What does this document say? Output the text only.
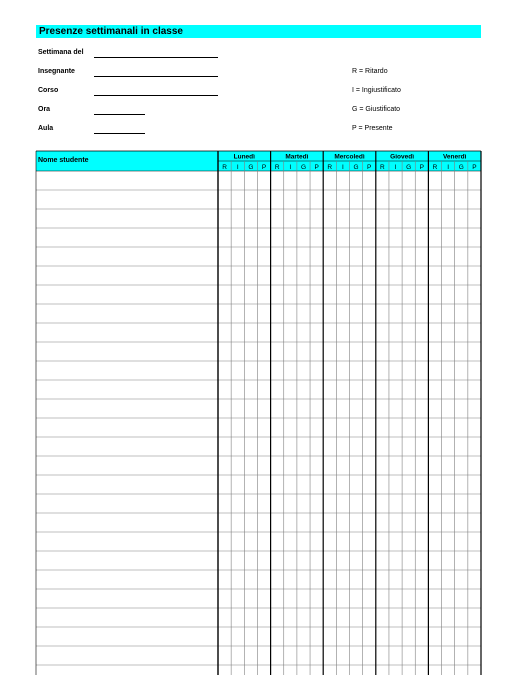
Presenze settimanali in classe
Settimana del
Insegnante
Corso
Ora
Aula
R = Ritardo
I = Ingiustificato
G = Giustificato
P = Presente
Nome studente	Lunedì
R I G P
Martedì
R I G P
Mercoledì
R I G P
Giovedì
R I G P
Venerdì
R I G P
